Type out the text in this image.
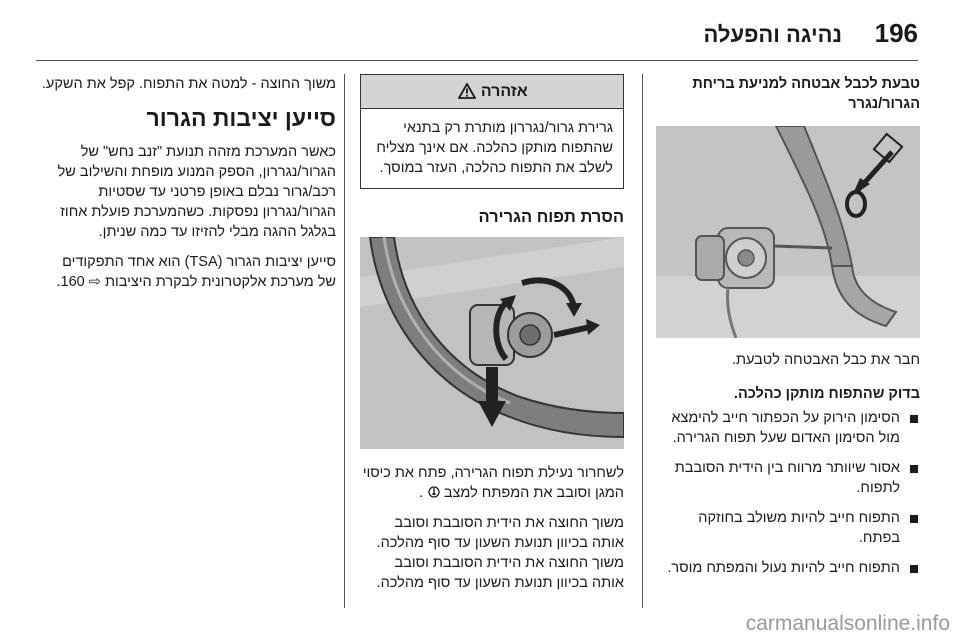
196
נהיגה והפעלה

טבעת לכבל אבטחה למניעת בריחת הגרור/נגרר

חבר את כבל האבטחה לטבעת.

בדוק שהתפוח מותקן כהלכה.

הסימון הירוק על הכפתור חייב להימצא מול הסימון האדום שעל תפוח הגרירה.
אסור שיוותר מרווח בין הידית הסובבת לתפוח.
התפוח חייב להיות משולב בחוזקה בפתח.
התפוח חייב להיות נעול והמפתח מוסר.
אזהרה
גרירת גרור/נגררון מותרת רק בתנאי שהתפוח מותקן כהלכה. אם אינך מצליח לשלב את התפוח כהלכה, העזר במוסך.

הסרת תפוח הגרירה

לשחרור נעילת תפוח הגרירה, פתח את כיסוי המגן וסובב את המפתח למצב  .

משוך החוצה את הידית הסובבת וסובב אותה בכיוון תנועת השעון עד סוף מהלכה. משוך החוצה את הידית הסובבת וסובב אותה בכיוון תנועת השעון עד סוף מהלכה.

משוך החוצה - למטה את התפוח. קפל את השקע.

סייען יציבות הגרור

כאשר המערכת מזהה תנועת "זנב נחש" של הגרור/נגררון, הספק המנוע מופחת והשילוב של רכב/גרור נבלם באופן פרטני עד שסטיות הגרור/נגררון נפסקות. כשהמערכת פועלת אחוז בגלגל ההגה מבלי להזיזו עד כמה שניתן.

סייען יציבות הגרור (TSA) הוא אחד התפקודים של מערכת אלקטרונית לבקרת היציבות ⇨ 160.

carmanualsonline.info
